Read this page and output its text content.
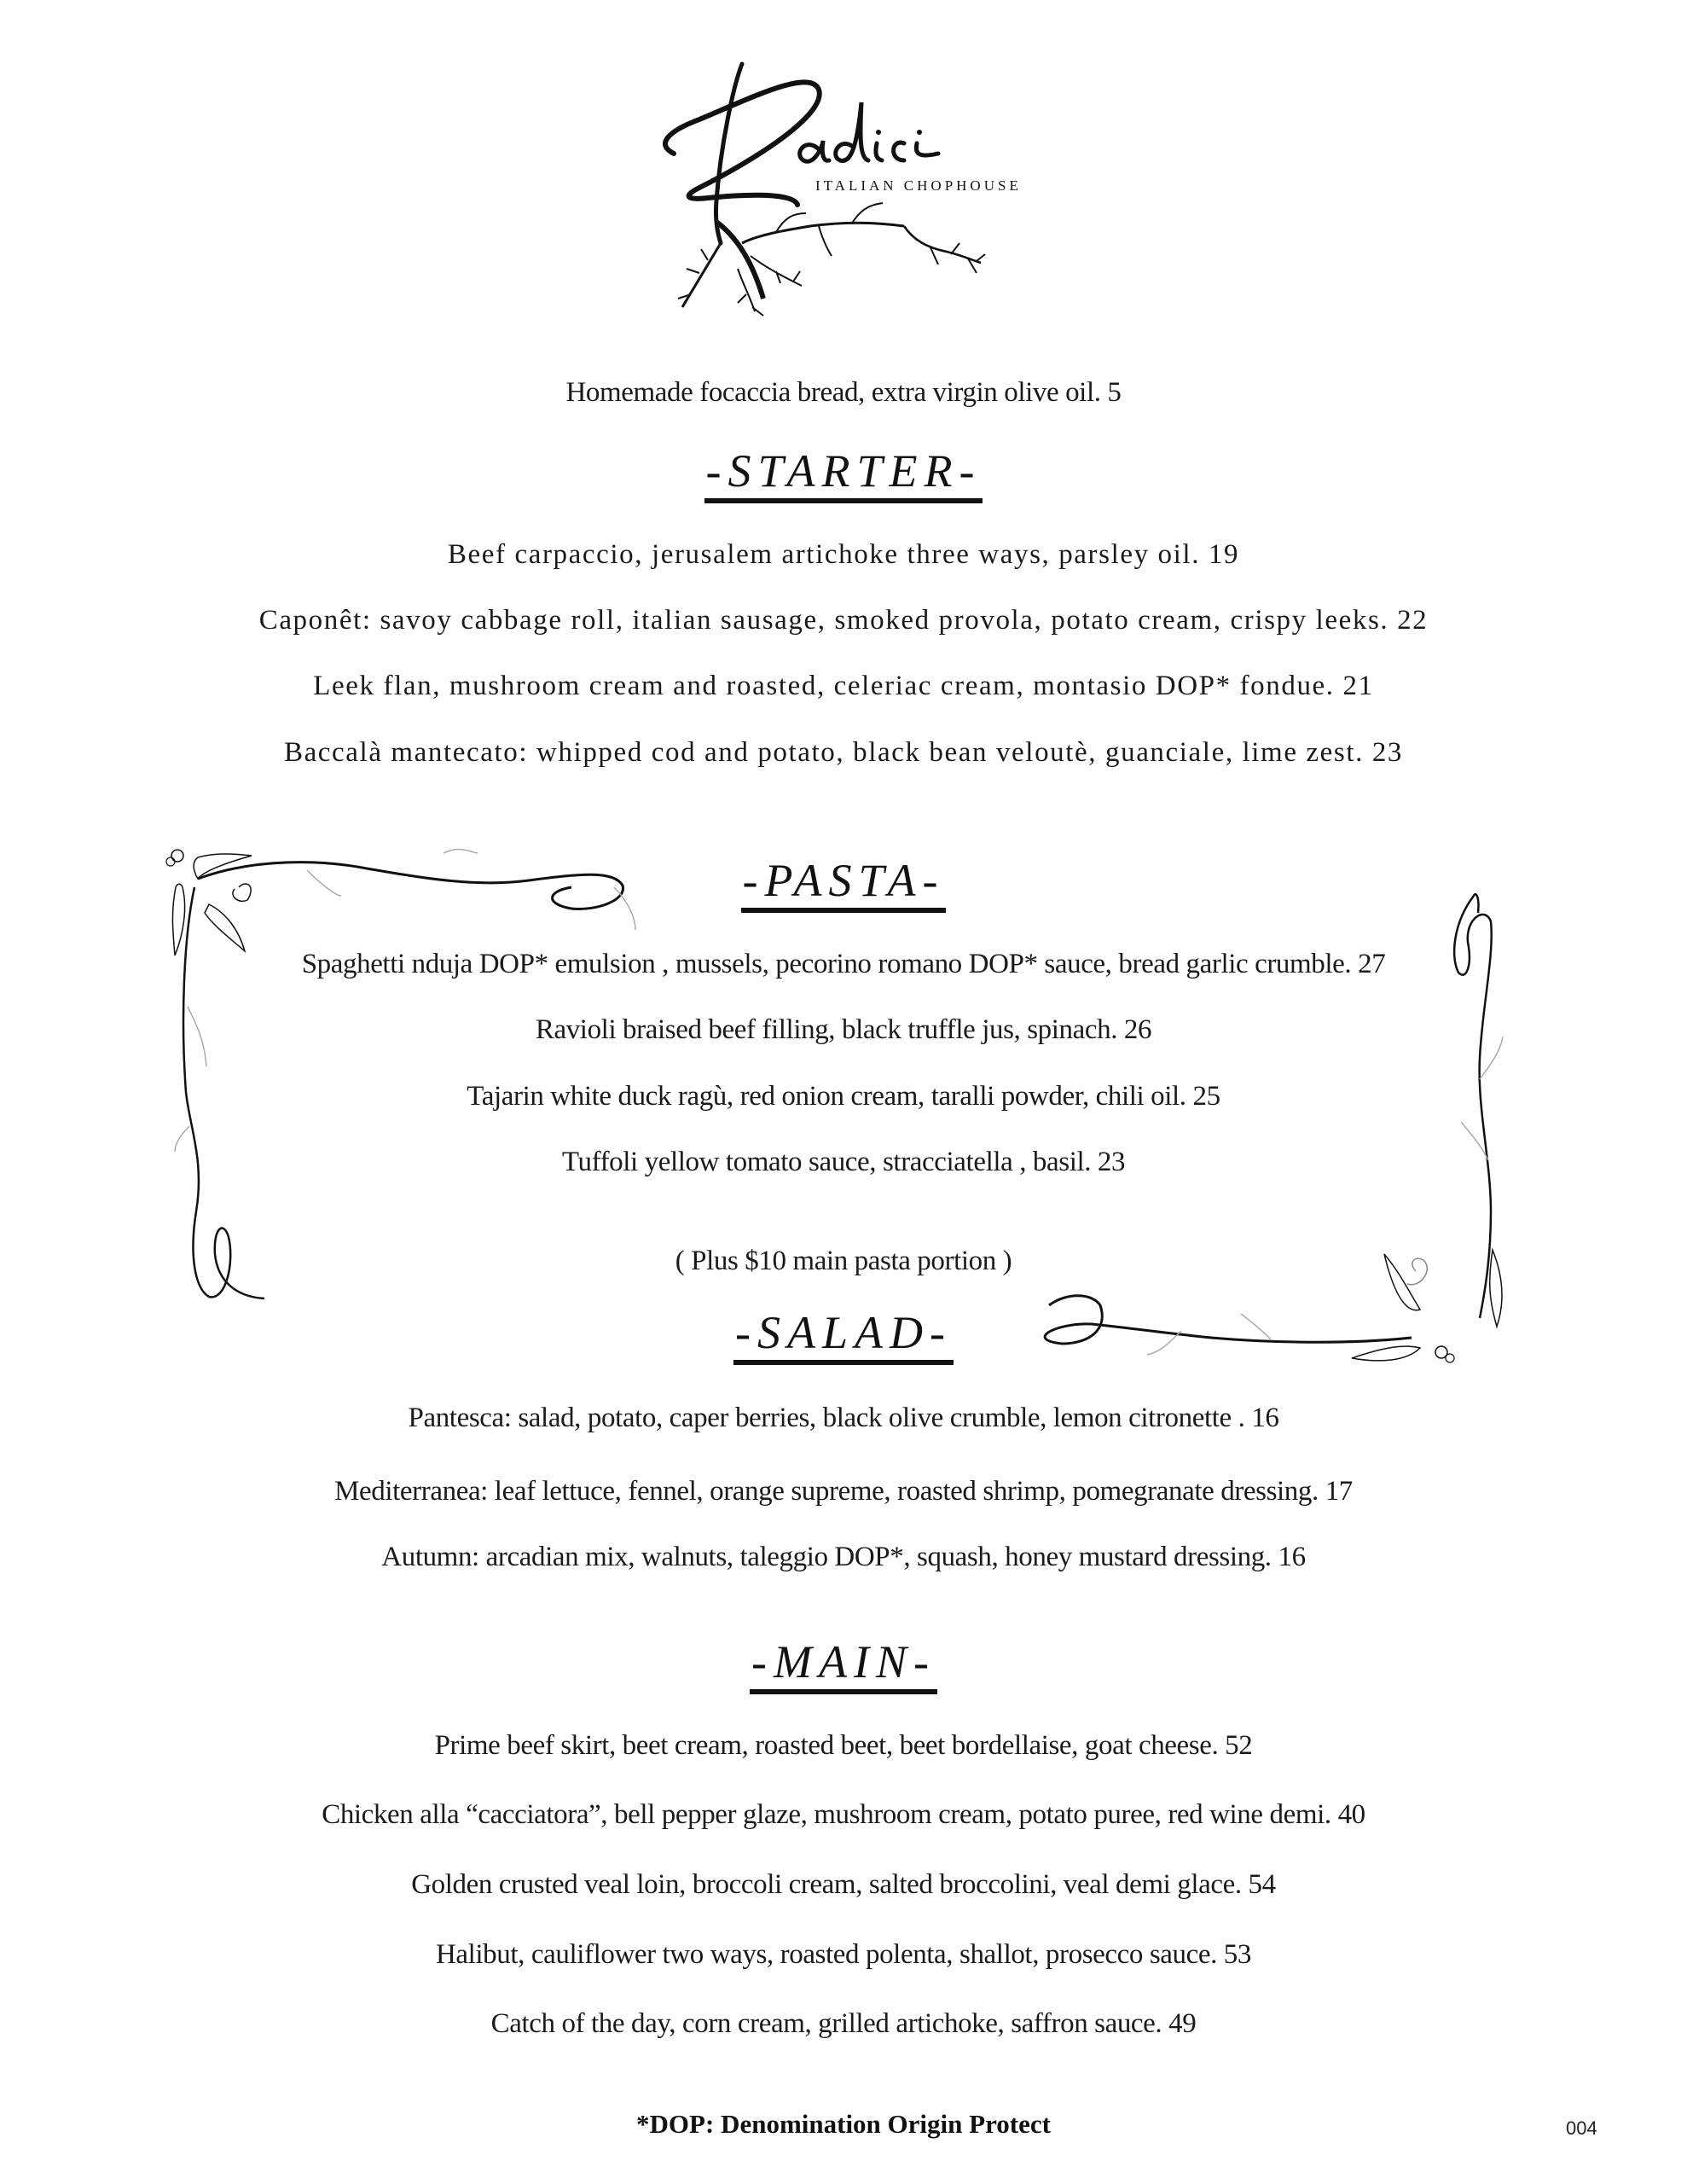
ITALIAN CHOPHOUSE
Homemade focaccia bread, extra virgin olive oil. 5
-STARTER-
Beef carpaccio, jerusalem artichoke three ways, parsley oil. 19
Caponêt: savoy cabbage roll, italian sausage, smoked provola, potato cream, crispy leeks. 22
Leek flan, mushroom cream and roasted, celeriac cream, montasio DOP* fondue. 21
Baccalà mantecato: whipped cod and potato, black bean veloutè, guanciale, lime zest. 23
-PASTA-
Spaghetti nduja DOP* emulsion , mussels, pecorino romano DOP* sauce, bread garlic crumble. 27
Ravioli braised beef filling, black truffle jus, spinach. 26
Tajarin white duck ragù, red onion cream, taralli powder, chili oil. 25
Tuffoli yellow tomato sauce, stracciatella , basil. 23
( Plus $10 main pasta portion )
-SALAD-
Pantesca: salad, potato, caper berries, black olive crumble, lemon citronette . 16
Mediterranea: leaf lettuce, fennel, orange supreme, roasted shrimp, pomegranate dressing. 17
Autumn: arcadian mix, walnuts, taleggio DOP*, squash, honey mustard dressing. 16
-MAIN-
Prime beef skirt, beet cream, roasted beet, beet bordellaise, goat cheese. 52
Chicken alla “cacciatora”, bell pepper glaze, mushroom cream, potato puree, red wine demi. 40
Golden crusted veal loin, broccoli cream, salted broccolini, veal demi glace. 54
Halibut, cauliflower two ways, roasted polenta, shallot, prosecco sauce. 53
Catch of the day, corn cream, grilled artichoke, saffron sauce. 49
*DOP: Denomination Origin Protect	004
